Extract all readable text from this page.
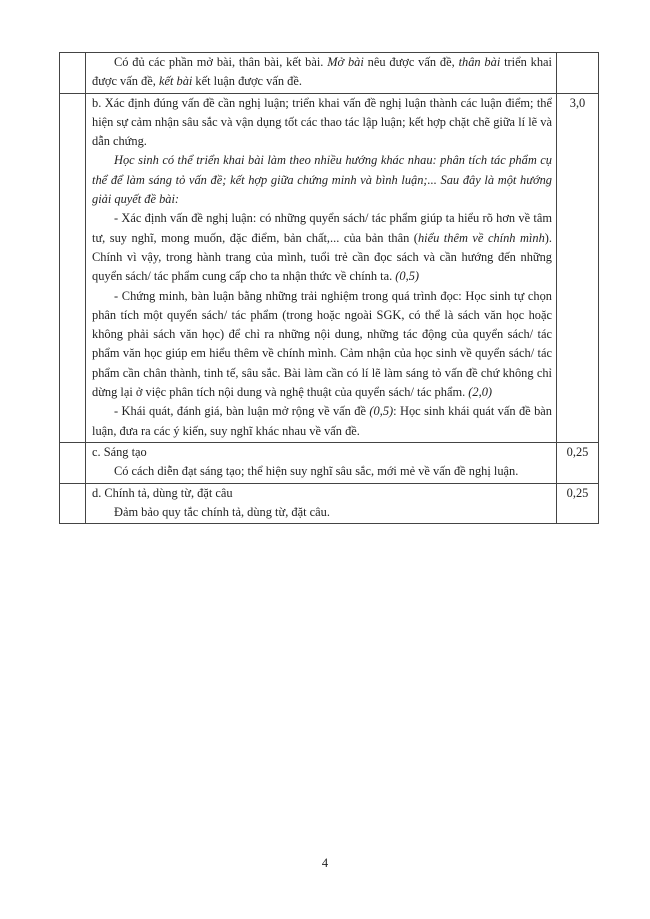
	Có đủ các phần mở bài, thân bài, kết bài. Mở bài nêu được vấn đề, thân bài triển khai được vấn đề, kết bài kết luận được vấn đề.	

	b. Xác định đúng vấn đề cần nghị luận; triển khai vấn đề nghị luận thành các luận điểm; thể hiện sự cảm nhận sâu sắc và vận dụng tốt các thao tác lập luận; kết hợp chặt chẽ giữa lí lẽ và dẫn chứng.

Học sinh có thể triển khai bài làm theo nhiều hướng khác nhau: phân tích tác phẩm cụ thể để làm sáng tỏ vấn đề; kết hợp giữa chứng minh và bình luận;... Sau đây là một hướng giải quyết đề bài:

- Xác định vấn đề nghị luận: có những quyển sách/ tác phẩm giúp ta hiểu rõ hơn về tâm tư, suy nghĩ, mong muốn, đặc điểm, bản chất,... của bản thân (hiểu thêm về chính mình). Chính vì vậy, trong hành trang của mình, tuổi trẻ cần đọc sách và cần hướng đến những quyển sách/ tác phẩm cung cấp cho ta nhận thức về chính ta. (0,5)

- Chứng minh, bàn luận bằng những trải nghiệm trong quá trình đọc: Học sinh tự chọn phân tích một quyển sách/ tác phẩm (trong hoặc ngoài SGK, có thể là sách văn học hoặc không phải sách văn học) để chỉ ra những nội dung, những tác động của quyển sách/ tác phẩm văn học giúp em hiểu thêm về chính mình. Cảm nhận của học sinh về quyển sách/ tác phẩm cần chân thành, tinh tế, sâu sắc. Bài làm cần có lí lẽ làm sáng tỏ vấn đề chứ không chỉ dừng lại ở việc phân tích nội dung và nghệ thuật của quyển sách/ tác phẩm. (2,0)

- Khái quát, đánh giá, bàn luận mở rộng về vấn đề (0,5): Học sinh khái quát vấn đề bàn luận, đưa ra các ý kiến, suy nghĩ khác nhau về vấn đề.	3,0

	c. Sáng tạo

Có cách diễn đạt sáng tạo; thể hiện suy nghĩ sâu sắc, mới mẻ về vấn đề nghị luận.	0,25

	d. Chính tả, dùng từ, đặt câu

Đảm bảo quy tắc chính tả, dùng từ, đặt câu.	0,25
4
